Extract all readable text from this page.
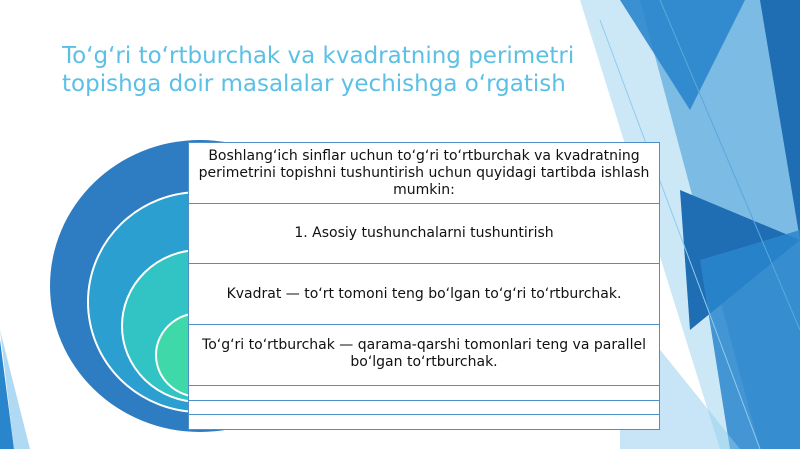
To‘g‘ri to‘rtburchak va kvadratning perimetri
topishga doir masalalar yechishga o‘rgatish
Boshlang‘ich sinflar uchun to‘g‘ri to‘rtburchak va kvadratning perimetrini topishni tushuntirish uchun quyidagi tartibda ishlash mumkin:
1. Asosiy tushunchalarni tushuntirish
Kvadrat — to‘rt tomoni teng bo‘lgan to‘g‘ri to‘rtburchak.
To‘g‘ri to‘rtburchak — qarama-qarshi tomonlari teng va parallel bo‘lgan to‘rtburchak.
